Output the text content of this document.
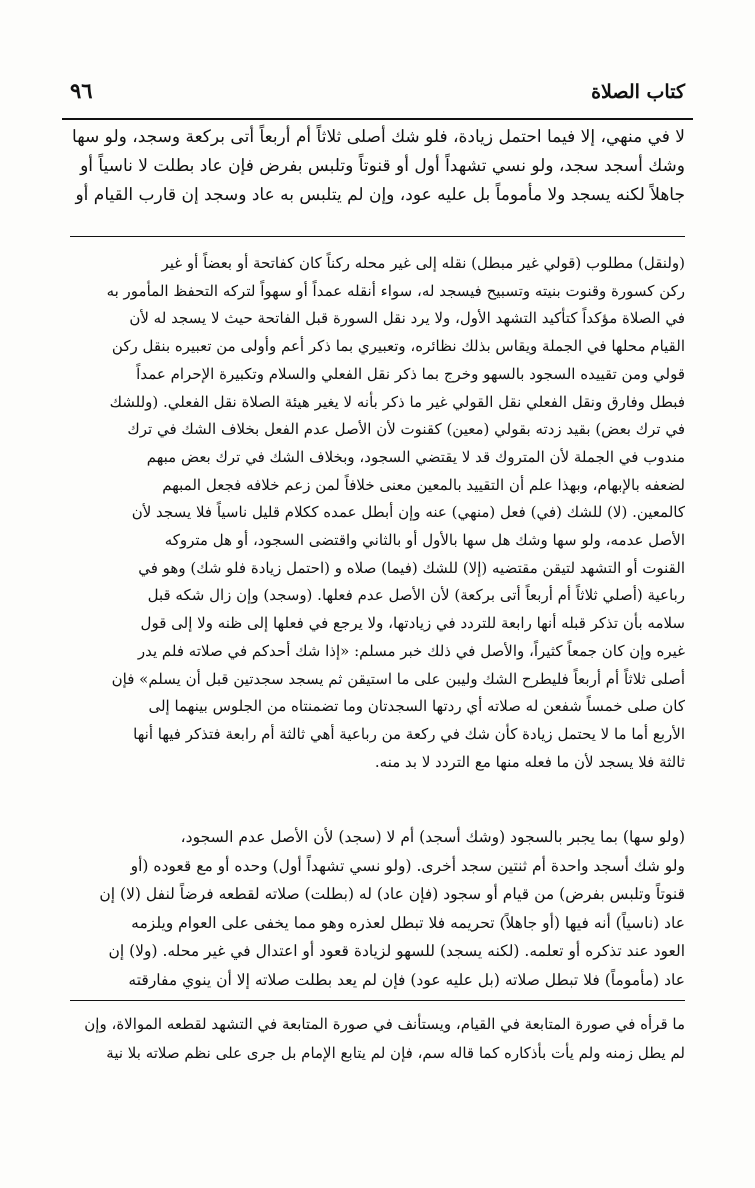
٩٦	كتاب الصلاة
لا في منهي، إلا فيما احتمل زيادة، فلو شك أصلى ثلاثاً أم أربعاً أتى بركعة وسجد، ولو سها
وشك أسجد سجد، ولو نسي تشهداً أول أو قنوتاً وتلبس بفرض فإن عاد بطلت لا ناسياً أو
جاهلاً لكنه يسجد ولا مأموماً بل عليه عود، وإن لم يتلبس به عاد وسجد إن قارب القيام أو
(ولنقل) مطلوب (قولي غير مبطل) نقله إلى غير محله ركناً كان كفاتحة أو بعضاً أو غير
ركن كسورة وقنوت بنيته وتسبيح فيسجد له، سواء أنقله عمداً أو سهواً لتركه التحفظ المأمور به
في الصلاة مؤكداً كتأكيد التشهد الأول، ولا يرد نقل السورة قبل الفاتحة حيث لا يسجد له لأن
القيام محلها في الجملة ويقاس بذلك نظائره، وتعبيري بما ذكر أعم وأولى من تعبيره بنقل ركن
قولي ومن تقييده السجود بالسهو وخرج بما ذكر نقل الفعلي والسلام وتكبيرة الإحرام عمداً
فبطل وفارق ونقل الفعلي نقل القولي غير ما ذكر بأنه لا يغير هيئة الصلاة نقل الفعلي. (وللشك
في ترك بعض) بقيد زدته بقولي (معين) كقنوت لأن الأصل عدم الفعل بخلاف الشك في ترك
مندوب في الجملة لأن المتروك قد لا يقتضي السجود، وبخلاف الشك في ترك بعض مبهم
لضعفه بالإبهام، وبهذا علم أن التقييد بالمعين معنى خلافاً لمن زعم خلافه فجعل المبهم
كالمعين. (لا) للشك (في) فعل (منهي) عنه وإن أبطل عمده ككلام قليل ناسياً فلا يسجد لأن
الأصل عدمه، ولو سها وشك هل سها بالأول أو بالثاني واقتضى السجود، أو هل متروكه
القنوت أو التشهد لتيقن مقتضيه (إلا) للشك (فيما) صلاه و (احتمل زيادة فلو شك) وهو في
رباعية (أصلي ثلاثاً أم أربعاً أتى بركعة) لأن الأصل عدم فعلها. (وسجد) وإن زال شكه قبل
سلامه بأن تذكر قبله أنها رابعة للتردد في زيادتها، ولا يرجع في فعلها إلى ظنه ولا إلى قول
غيره وإن كان جمعاً كثيراً، والأصل في ذلك خبر مسلم: «إذا شك أحدكم في صلاته فلم يدر
أصلى ثلاثاً أم أربعاً فليطرح الشك وليبن على ما استيقن ثم يسجد سجدتين قبل أن يسلم» فإن
كان صلى خمساً شفعن له صلاته أي ردتها السجدتان وما تضمنتاه من الجلوس بينهما إلى
الأربع أما ما لا يحتمل زيادة كأن شك في ركعة من رباعية أهي ثالثة أم رابعة فتذكر فيها أنها
ثالثة فلا يسجد لأن ما فعله منها مع التردد لا بد منه.
(ولو سها) بما يجبر بالسجود (وشك أسجد) أم لا (سجد) لأن الأصل عدم السجود،
ولو شك أسجد واحدة أم ثنتين سجد أخرى. (ولو نسي تشهداً أول) وحده أو مع قعوده (أو
قنوتاً وتلبس بفرض) من قيام أو سجود (فإن عاد) له (بطلت) صلاته لقطعه فرضاً لنفل (لا) إن
عاد (ناسياً) أنه فيها (أو جاهلاً) تحريمه فلا تبطل لعذره وهو مما يخفى على العوام ويلزمه
العود عند تذكره أو تعلمه. (لكنه يسجد) للسهو لزيادة قعود أو اعتدال في غير محله. (ولا) إن
عاد (مأموماً) فلا تبطل صلاته (بل عليه عود) فإن لم يعد بطلت صلاته إلا أن ينوي مفارقته
ما قرأه في صورة المتابعة في القيام، ويستأنف في صورة المتابعة في التشهد لقطعه الموالاة، وإن
لم يطل زمنه ولم يأت بأذكاره كما قاله سم، فإن لم يتابع الإمام بل جرى على نظم صلاته بلا نية
